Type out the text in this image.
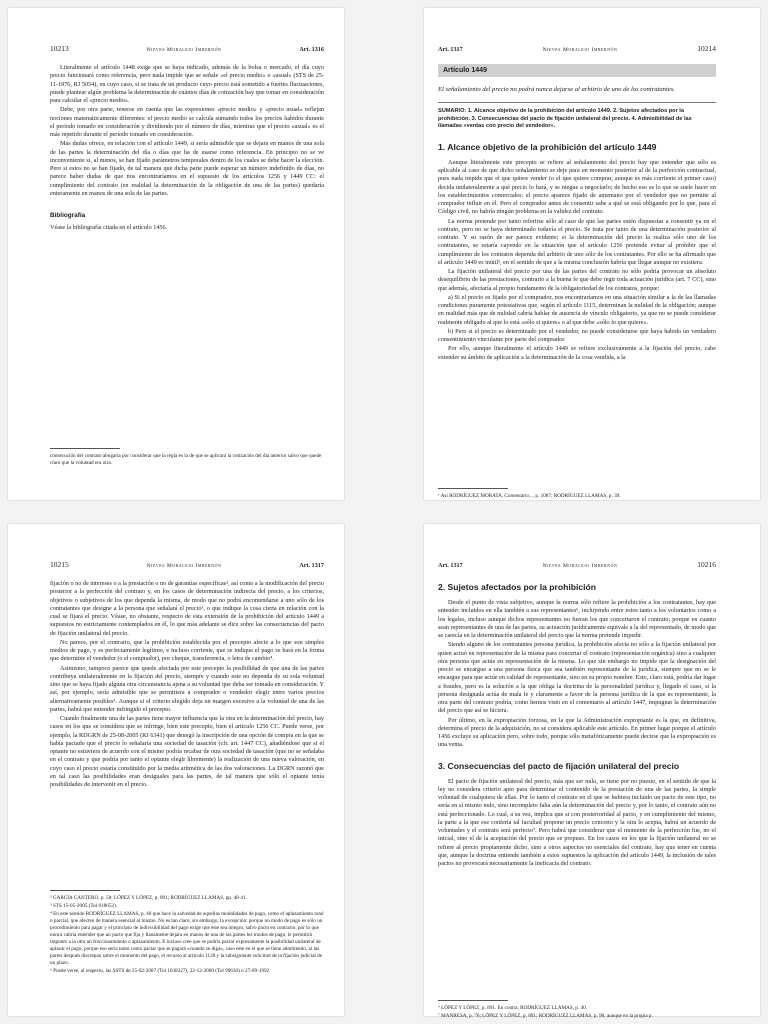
10213	Nieves Moralejo Imbernón	Art. 1316

Literalmente el artículo 1448 exige que se haya indicado, además de la bolsa o mercado, el día cuyo precio funcionará como referencia, pero nada impide que se señale «el precio medio» o «usual» (STS de 25-11-1976, RJ 5054), en cuyo caso, si se trata de un producto cuyo precio está sometido a fuertes fluctuaciones, puede plantear algún problema la determinación de cuántos días de cotización hay que tomar en consideración para calcular el «precio medio».

Debe, por otra parte, tenerse en cuenta que las expresiones «precio medio» y «precio usual» reflejan nociones matemáticamente diferentes: el precio medio se calcula sumando todos los precios habidos durante el período tomado en consideración y dividiendo por el número de días, mientras que el precio «usual» es el más repetido durante el período tomado en consideración.

Más dudas ofrece, en relación con el artículo 1449, si sería admisible que se dejara en manos de una sola de las partes la determinación del día o días que ha de usarse como referencia. En principio no se ve inconveniente si, al menos, se han fijado parámetros temporales dentro de los cuales se debe hacer la elección. Pero si estos no se han fijado, de tal manera que dicha parte puede esperar un número indefinido de días, no parece haber dudas de que nos encontraríamos en el supuesto de los artículos 1256 y 1449 CC: el cumplimiento del contrato (en realidad la determinación de la obligación de una de las partes) quedaría enteramente en manos de una sola de las partes.

Bibliografía

Véase la bibliografía citada en el artículo 1456.

consecución del contrato abogaría por considerar que la regla es la de que se aplicará la cotización del día anterior salvo que quede claro que la voluntad era otra.

Art. 1317	Nieves Moralejo Imbernón	10214
Artículo 1449

El señalamiento del precio no podrá nunca dejarse al arbitrio de uno de los contratantes.

SUMARIO: 1. Alcance objetivo de la prohibición del artículo 1449. 2. Sujetos afectados por la prohibición. 3. Consecuencias del pacto de fijación unilateral del precio. 4. Admisibilidad de las llamadas «ventas con precio del vendedor».
1. Alcance objetivo de la prohibición del artículo 1449

Aunque literalmente este precepto se refiere al señalamiento del precio hay que entender que sólo es aplicable al caso de que dicho señalamiento se deje para un momento posterior al de la perfección contractual, pues nada impide que el que quiere vender (o el que quiere comprar, aunque es más corriente el primer caso) decida unilateralmente a qué precio lo hará, y se niegue a negociarlo; de hecho eso es lo que se suele hacer en los establecimientos comerciales: el precio aparece fijado de antemano por el vendedor que no permite al comprador influir en él. Pero el comprador antes de consentir sabe a qué se está obligando por lo que, para el Código civil, no habría ningún problema en la validez del contrato.

La norma pretende por tanto referirse sólo al caso de que las partes estén dispuestas a consentir ya en el contrato, pero no se haya determinado todavía el precio. Se trata por tanto de una determinación posterior al contrato. Y su razón de ser parece evidente; si la determinación del precio la realiza sólo uno de los contratantes, se estaría cayendo en la situación que el artículo 1256 pretende evitar al prohibir que el cumplimiento de los contratos dependa del arbitrio de uno sólo de los contratantes. Por ello se ha afirmado que el artículo 1449 es inútil¹, en el sentido de que a la misma conclusión habría que llegar aunque no existiera.

La fijación unilateral del precio por una de las partes del contrato no sólo podría provocar un absoluto desequilibrio de las prestaciones, contrario a la buena fe que debe regir toda actuación jurídica (art. 7 CC), sino que además, afectaría al propio fundamento de la obligatoriedad de los contratos, porque:

a) Si el precio es fijado por el comprador, nos encontraríamos en una situación similar a la de las llamadas condiciones puramente potestativas que, según el artículo 1115, determinan la nulidad de la obligación; aunque en realidad más que de nulidad cabría hablar de ausencia de vínculo obligatorio, ya que no se puede considerar realmente obligado al que lo está «sólo si quiere» o al que debe «sólo lo que quiere».

b) Pero si el precio es determinado por el vendedor, no puede considerarse que haya habido un verdadero consentimiento vinculante por parte del comprador.

Por ello, aunque literalmente el artículo 1449 se refiere exclusivamente a la fijación del precio, cabe extender su ámbito de aplicación a la determinación de la cosa vendida, a la

¹ Así RODRÍGUEZ MORATA, Comentario..., p. 1087; RODRÍGUEZ LLAMAS, p. 39.

10215	Nieves Moralejo Imbernón	Art. 1317

fijación o no de intereses o a la prestación o no de garantías específicas², así como a la modificación del precio posterior a la perfección del contrato y, en los casos de determinación indirecta del precio, a los criterios, objetivos o subjetivos de los que dependa la misma, de modo que no podrá encomendarse a uno sólo de los contratantes que designe a la persona que señalará el precio³, o que indique la cosa cierta en relación con la cual se fijará el precio. Véase, no obstante, respecto de esta extensión de la prohibición del artículo 1449 a supuestos no estrictamente contemplados en él, lo que más adelante se dice sobre las consecuencias del pacto de fijación unilateral del precio.

No parece, por el contrario, que la prohibición establecida por el precepto afecte a lo que son simples medios de pago, y es perfectamente legítimo, e incluso corriente, que se indique el pago se hará en la forma que determine el vendedor (o el comprador), por cheque, transferencia, o letra de cambio⁴.

Asimismo, tampoco parece que quede afectada por este precepto la posibilidad de que una de las partes contribuya unilateralmente en la fijación del precio, siempre y cuando este no dependa de su sola voluntad sino que se haya fijado alguna otra circunstancia ajena a su voluntad que deba ser tomada en consideración. Y así, por ejemplo, sería admisible que se permitiera a comprador o vendedor elegir entre varios precios alternativamente posibles⁵. Aunque si el criterio elegido deja un margen excesivo a la voluntad de una de las partes, habrá que entender infringido el precepto.

Cuando finalmente una de las partes tiene mayor influencia que la otra en la determinación del precio, hay casos en los que se considera que se infringe, bien este precepto, bien el artículo 1256 CC. Puede verse, por ejemplo, la RDGRN de 25-08-2005 (RJ 6341) que denegó la inscripción de una opción de compra en la que se había pactado que el precio lo señalaría una sociedad de tasación (cfr. art. 1447 CC), añadiéndose que si el optante no estuviera de acuerdo con el mismo podría recabar de otra sociedad de tasación (que no se señalaba en el contrato y que podría por tanto el optante elegir libremente) la realización de una nueva valoración, en cuyo caso el precio estaría constituido por la media aritmética de las dos valoraciones. La DGRN razonó que en tal caso las posibilidades eran desiguales para las partes, de tal manera que sólo el optante tenía posibilidades de intervenir en el precio.

² GARCÍA CANTERO, p. 58; LÓPEZ Y LÓPEZ, p. 891; RODRÍGUEZ LLAMAS, pp. 40-41.

³ STS 15-05-2005 (Tol 618652).

⁴ En este sentido RODRÍGUEZ LLAMAS, p. 40 que hace la salvedad de aquellas modalidades de pago, como el aplazamiento total o parcial, que afecten de manera esencial al mismo. No es tan claro, sin embargo, la excepción: porque no modo de pago es sólo un procedimiento para pagar y el principio de indivisibilidad del pago exige que éste sea íntegro, salvo pacto en contrario, por lo que nunca cabría entender que un pacto que fija y llanamente dejara en manos de una de las partes los modos de pago, le permitirá imponer a la otra un fraccionamiento o aplazamiento. E incluso cree que se podría pactar expresamente la posibilidad unilateral de aplazar el pago, porque eso sería tanto como pactar que se pagará «cuando se diga», caso este en el que se tiene admitiendo, al las partes después discrepan sobre el momento del pago, el recurso al artículo 1128 y la subsiguiente solicitud de la fijación judicial de un plazo.

⁵ Puede verse, al respecto, las SSTS de 25-02-2007 (Tol 1038327), 22-12-2000 (Tol 99630) o 27-09-1992

Art. 1317	Nieves Moralejo Imbernón	10216
2. Sujetos afectados por la prohibición

Desde el punto de vista subjetivo, aunque la norma sólo refiere la prohibición a los contratantes, hay que entender incluidos en ella también a sus representantes⁶, incluyendo entre estos tanto a los voluntarios como a los legales, incluso aunque dichos representantes no fueran los que concertaron el contrato; porque en cuanto sean representantes de una de las partes, su actuación jurídicamente equivale a la del representado, de modo que se carecía en la determinación unilateral del precio que la norma pretende impedir.

Siendo alguno de los contratantes persona jurídica, la prohibición afecta no sólo a la fijación unilateral por quien actuó en representación de la misma para concertar el contrato (representación orgánica) sino a cualquier otra persona que actúe en representación de la misma. Lo que sin embargo no impide que la designación del precio se encargue a una persona física que sea también representante de la jurídica, siempre que no se le encargue para que actúe en calidad de representante, sino en su propio nombre. Esto, claro está, podría dar lugar a fraudes, pero es la solución a la que obliga la doctrina de la personalidad jurídica y, llegado el caso, si la persona designada actúa de mala fe y claramente a favor de la persona jurídica de la que es representante, la otra parte del contrato podría, como hemos visto en el comentario al artículo 1447, impugnar la determinación del precio que así se hiciera.

Por último, en la expropiación forzosa, en la que la Administración expropiante es la que, en definitiva, determina el precio de la adquisición, no se considera aplicable este artículo. En primer lugar porque el artículo 1456 excluye su aplicación pero, sobre todo, porque sólo metafóricamente puede decirse que la expropiación es una venta.

3. Consecuencias del pacto de fijación unilateral del precio

El pacto de fijación unilateral del precio, más que ser nulo, se tiene por no puesto, en el sentido de que la ley no considera criterio apto para determinar el contenido de la prestación de una de las partes, la simple voluntad de cualquiera de ellas. Por lo tanto el contrato en el que se hubiera incluido un pacto de este tipo, no sería en sí mismo nulo, sino incompleto falta aún la determinación del precio y, por lo tanto, el contrato aún no está perfeccionado. Lo cual, a su vez, implica que si con posterioridad al pacto, y en cumplimiento del mismo, la parte a la que ese confería tal facultad propone un precio concreto y la otra lo acepta, habrá un acuerdo de voluntades y el contrato será perfecto⁷. Pero habrá que considerar que el momento de la perfección fue, no el inicial, sino el de la aceptación del precio que se propuso. En los casos en los que la fijación unilateral no se refiere al precio propiamente dicho, sino a otros aspectos no esenciales del contrato, hay que tener en cuenta que, aunque la doctrina entiende también a estos supuestos la aplicación del artículo 1449, la inclusión de tales pactos no provocará necesariamente la ineficacia del contrato.

⁶ LÓPEZ Y LÓPEZ, p. 891. En contra, RODRÍGUEZ LLAMAS, p. 40.

⁷ MANRESA, p. 76; LÓPEZ Y LÓPEZ, p. 891; RODRÍGUEZ LLAMAS, p. 90, aunque en la propia p.
